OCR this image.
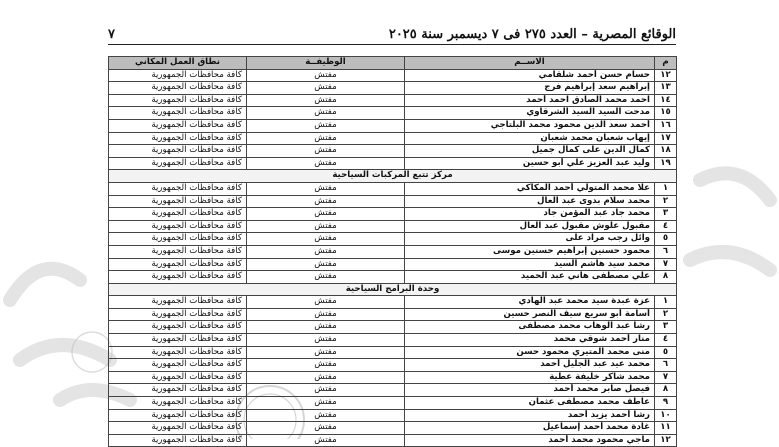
الوقائع المصرية – العدد ٢٧٥ فى ٧ ديسمبر سنة ٢٠٢٥
٧
م	الاســم	الوظيفــة	نطاق العمل المكاني
١٢	حسام حسن أحمد شلقامي	مفتش	كافة محافظات الجمهورية
١٣	إبراهيم سعد إبراهيم فرج	مفتش	كافة محافظات الجمهورية
١٤	احمد محمد الصادق احمد أحمد	مفتش	كافة محافظات الجمهورية
١٥	مدحت السيد السيد الشرقاوي	مفتش	كافة محافظات الجمهورية
١٦	أحمد سعد الدين محمود محمد البلتاجي	مفتش	كافة محافظات الجمهورية
١٧	إيهاب شعبان محمد شعبان	مفتش	كافة محافظات الجمهورية
١٨	كمال الدين على كمال جميل	مفتش	كافة محافظات الجمهورية
١٩	وليد عبد العزيز علي أبو حسين	مفتش	كافة محافظات الجمهورية
مركز تتبع المركبات السياحية			
١	علا محمد المتولي أحمد المكاكي	مفتش	كافة محافظات الجمهورية
٢	محمد سلام بدوى عبد العال	مفتش	كافة محافظات الجمهورية
٣	محمد جاد عبد المؤمن جاد	مفتش	كافة محافظات الجمهورية
٤	مقبول علوش مقبول عبد العال	مفتش	كافة محافظات الجمهورية
٥	وائل رجب مراد على	مفتش	كافة محافظات الجمهورية
٦	محمود حسنين إبراهيم حسنين موسى	مفتش	كافة محافظات الجمهورية
٧	محمد سيد هاشم السيد	مفتش	كافة محافظات الجمهورية
٨	علي مصطفى هاني عبد الحميد	مفتش	كافة محافظات الجمهورية
وحدة البرامج السياحية			
١	عزة عبدة سيد محمد عبد الهادي	مفتش	كافة محافظات الجمهورية
٢	أسامة أبو سريع سيف النصر حسين	مفتش	كافة محافظات الجمهورية
٣	رشا عبد الوهاب محمد مصطفى	مفتش	كافة محافظات الجمهورية
٤	منار أحمد شوقي محمد	مفتش	كافة محافظات الجمهورية
٥	منى محمد المتيري محمود حسن	مفتش	كافة محافظات الجمهورية
٦	محمد عيد عبد الجليل أحمد	مفتش	كافة محافظات الجمهورية
٧	محمد شاكر خليفة عطية	مفتش	كافة محافظات الجمهورية
٨	فيصل صابر محمد أحمد	مفتش	كافة محافظات الجمهورية
٩	عاطف محمد مصطفى عثمان	مفتش	كافة محافظات الجمهورية
١٠	رشا أحمد يزيد أحمد	مفتش	كافة محافظات الجمهورية
١١	غادة محمد أحمد إسماعيل	مفتش	كافة محافظات الجمهورية
١٢	ماجي محمود محمد أحمد	مفتش	كافة محافظات الجمهورية
